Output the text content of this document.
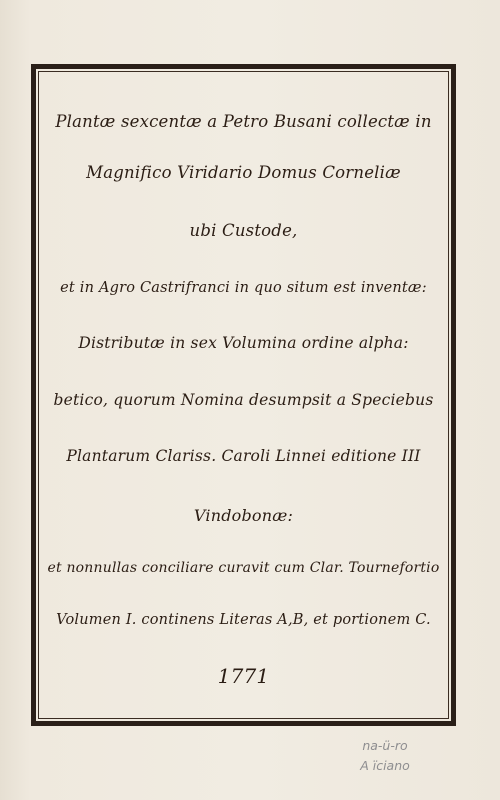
Plantæ sexcentæ a Petro Busani collectæ in

Magnifico Viridario Domus Corneliæ

ubi Custode,

et in Agro Castrifranci in quo situm est inventæ:

Distributæ in sex Volumina ordine alpha:

betico, quorum Nomina desumpsit a Speciebus

Plantarum Clariss. Caroli Linnei editione III

Vindobonæ:

et nonnullas conciliare curavit cum Clar. Tournefortio

Volumen I. continens Literas A,B, et portionem C.

1771

na-ü-ro

A ïciano
